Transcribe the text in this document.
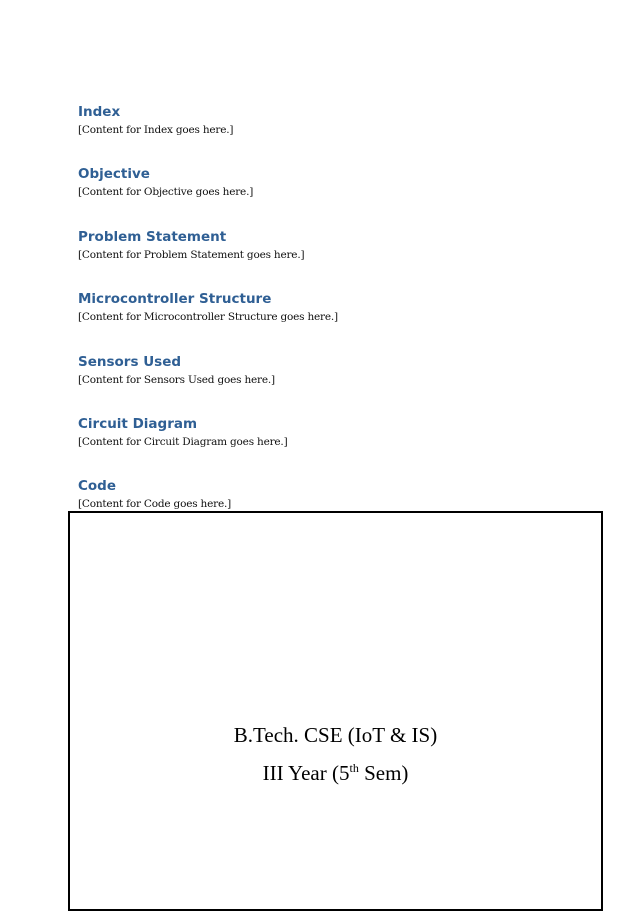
Index
[Content for Index goes here.]
Objective
[Content for Objective goes here.]
Problem Statement
[Content for Problem Statement goes here.]
Microcontroller Structure
[Content for Microcontroller Structure goes here.]
Sensors Used
[Content for Sensors Used goes here.]
Circuit Diagram
[Content for Circuit Diagram goes here.]
Code
[Content for Code goes here.]

B.Tech. CSE (IoT & IS)

III Year (5th Sem)
